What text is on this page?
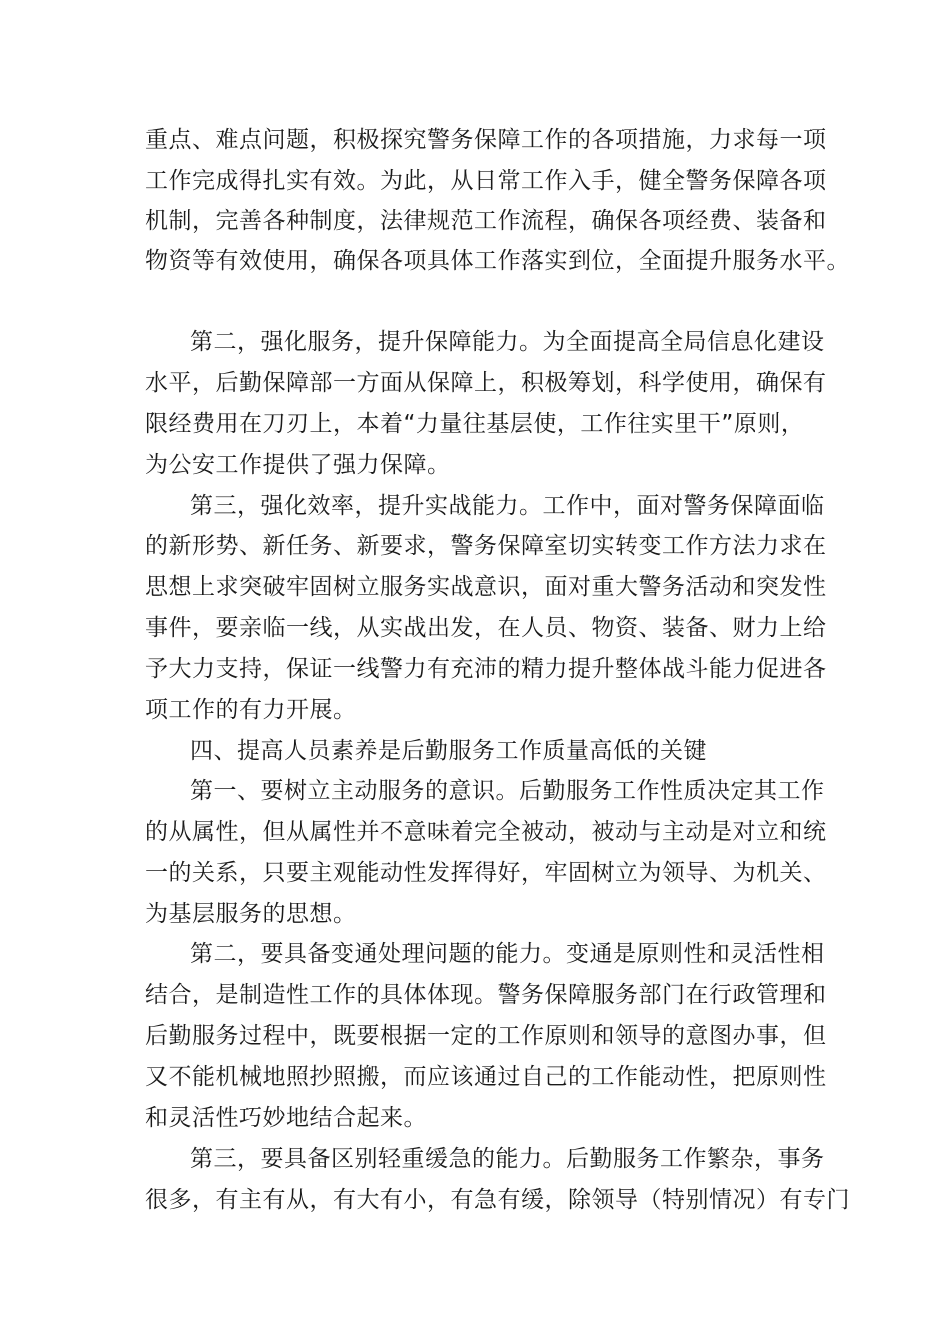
重点、难点问题，积极探究警务保障工作的各项措施，力求每一项
工作完成得扎实有效。为此，从日常工作入手，健全警务保障各项
机制，完善各种制度，法律规范工作流程，确保各项经费、装备和
物资等有效使用，确保各项具体工作落实到位，全面提升服务水平。
第二，强化服务，提升保障能力。为全面提高全局信息化建设
水平，后勤保障部一方面从保障上，积极筹划，科学使用，确保有
限经费用在刀刃上，本着“力量往基层使，工作往实里干”原则，
为公安工作提供了强力保障。
第三，强化效率，提升实战能力。工作中，面对警务保障面临
的新形势、新任务、新要求，警务保障室切实转变工作方法力求在
思想上求突破牢固树立服务实战意识，面对重大警务活动和突发性
事件，要亲临一线，从实战出发，在人员、物资、装备、财力上给
予大力支持，保证一线警力有充沛的精力提升整体战斗能力促进各
项工作的有力开展。
四、提高人员素养是后勤服务工作质量高低的关键
第一、要树立主动服务的意识。后勤服务工作性质决定其工作
的从属性，但从属性并不意味着完全被动，被动与主动是对立和统
一的关系，只要主观能动性发挥得好，牢固树立为领导、为机关、
为基层服务的思想。
第二，要具备变通处理问题的能力。变通是原则性和灵活性相
结合，是制造性工作的具体体现。警务保障服务部门在行政管理和
后勤服务过程中，既要根据一定的工作原则和领导的意图办事，但
又不能机械地照抄照搬，而应该通过自己的工作能动性，把原则性
和灵活性巧妙地结合起来。
第三，要具备区别轻重缓急的能力。后勤服务工作繁杂，事务
很多，有主有从，有大有小，有急有缓，除领导（特别情况）有专门
